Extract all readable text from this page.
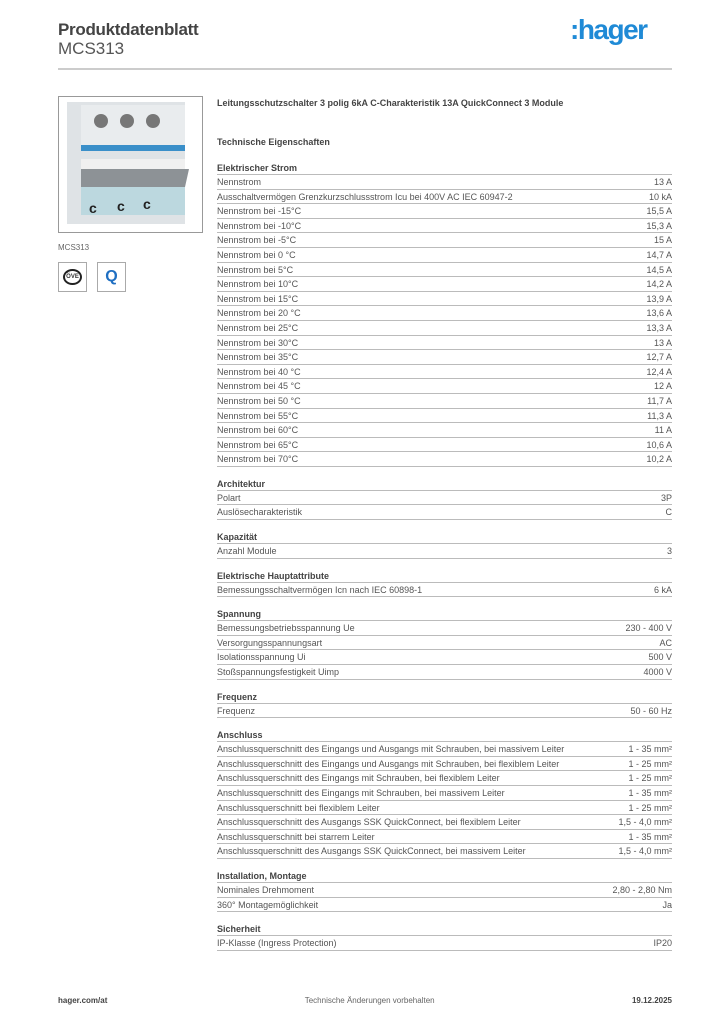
Produktdatenblatt
MCS313
:hager
c c c
MCS313
ÖVE Q
Leitungsschutzschalter 3 polig 6kA C-Charakteristik 13A QuickConnect 3 Module
Technische Eigenschaften
Elektrischer Strom
Nennstrom	13 A
Ausschaltvermögen Grenzkurzschlussstrom Icu bei 400V AC IEC 60947-2	10 kA
Nennstrom bei -15°C	15,5 A
Nennstrom bei -10°C	15,3 A
Nennstrom bei -5°C	15 A
Nennstrom bei 0 °C	14,7 A
Nennstrom bei 5°C	14,5 A
Nennstrom bei 10°C	14,2 A
Nennstrom bei 15°C	13,9 A
Nennstrom bei 20 °C	13,6 A
Nennstrom bei 25°C	13,3 A
Nennstrom bei 30°C	13 A
Nennstrom bei 35°C	12,7 A
Nennstrom bei 40 °C	12,4 A
Nennstrom bei 45 °C	12 A
Nennstrom bei 50 °C	11,7 A
Nennstrom bei 55°C	11,3 A
Nennstrom bei 60°C	11 A
Nennstrom bei 65°C	10,6 A
Nennstrom bei 70°C	10,2 A
Architektur
Polart	3P
Auslösecharakteristik	C
Kapazität
Anzahl Module	3
Elektrische Hauptattribute
Bemessungsschaltvermögen Icn nach IEC 60898-1	6 kA
Spannung
Bemessungsbetriebsspannung Ue	230 - 400 V
Versorgungsspannungsart	AC
Isolationsspannung Ui	500 V
Stoßspannungsfestigkeit Uimp	4000 V
Frequenz
Frequenz	50 - 60 Hz
Anschluss
Anschlussquerschnitt des Eingangs und Ausgangs mit Schrauben, bei massivem Leiter	1 - 35 mm²
Anschlussquerschnitt des Eingangs und Ausgangs mit Schrauben, bei flexiblem Leiter	1 - 25 mm²
Anschlussquerschnitt des Eingangs mit Schrauben, bei flexiblem Leiter	1 - 25 mm²
Anschlussquerschnitt des Eingangs mit Schrauben, bei massivem Leiter	1 - 35 mm²
Anschlussquerschnitt bei flexiblem Leiter	1 - 25 mm²
Anschlussquerschnitt des Ausgangs SSK QuickConnect, bei flexiblem Leiter	1,5 - 4,0 mm²
Anschlussquerschnitt bei starrem Leiter	1 - 35 mm²
Anschlussquerschnitt des Ausgangs SSK QuickConnect, bei massivem Leiter	1,5 - 4,0 mm²
Installation, Montage
Nominales Drehmoment	2,80 - 2,80 Nm
360° Montagemöglichkeit	Ja
Sicherheit
IP-Klasse (Ingress Protection)	IP20
hager.com/at	Technische Änderungen vorbehalten	19.12.2025
